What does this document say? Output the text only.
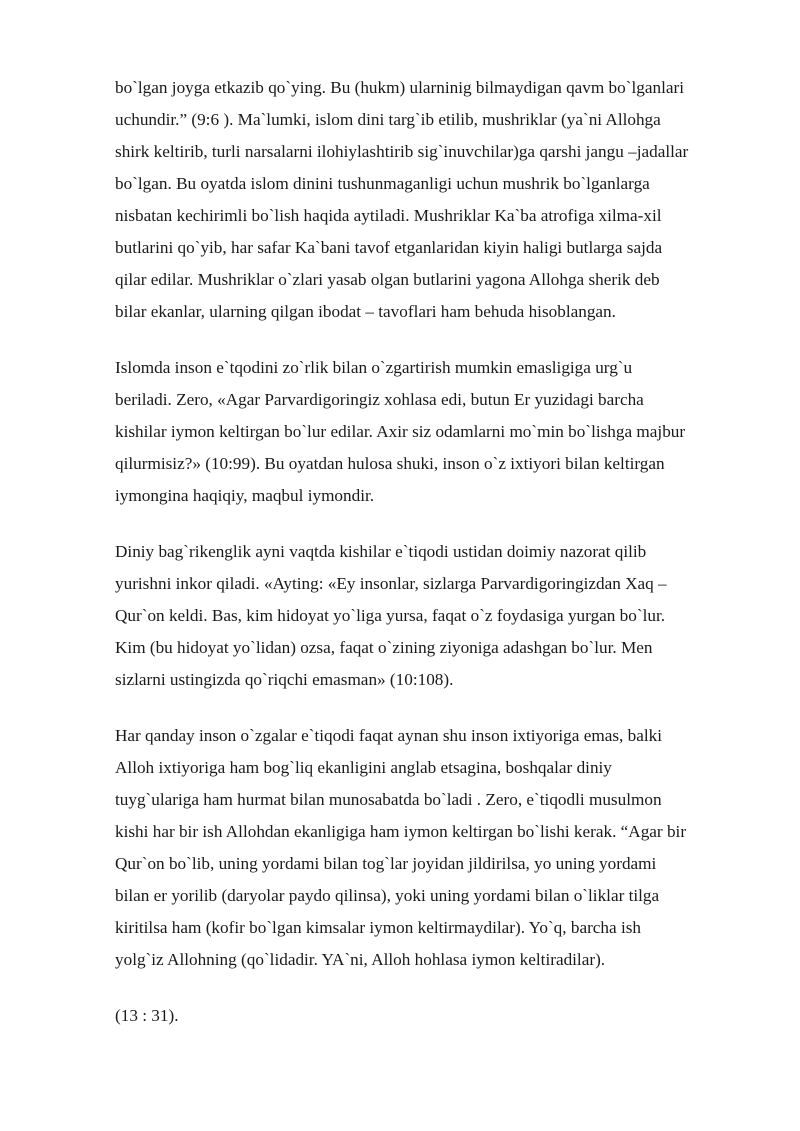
bo`lgan joyga etkazib qo`ying. Bu (hukm) ularninig bilmaydigan qavm bo`lganlari
uchundir.” (9:6 ). Ma`lumki, islom dini targ`ib etilib, mushriklar (ya`ni Allohga
shirk keltirib, turli narsalarni ilohiylashtirib sig`inuvchilar)ga qarshi jangu –jadallar
bo`lgan. Bu oyatda islom dinini tushunmaganligi uchun mushrik bo`lganlarga
nisbatan kechirimli bo`lish haqida aytiladi. Mushriklar Ka`ba atrofiga xilma-xil
butlarini qo`yib, har safar Ka`bani tavof etganlaridan kiyin haligi butlarga sajda
qilar edilar. Mushriklar o`zlari yasab olgan butlarini yagona Allohga sherik deb
bilar ekanlar, ularning qilgan ibodat – tavoflari ham behuda hisoblangan.

Islomda inson e`tqodini zo`rlik bilan o`zgartirish mumkin emasligiga urg`u
beriladi. Zero, «Agar Parvardigoringiz xohlasa edi, butun Er yuzidagi barcha
kishilar iymon keltirgan bo`lur edilar. Axir siz odamlarni mo`min bo`lishga majbur
qilurmisiz?» (10:99). Bu oyatdan hulosa shuki, inson o`z ixtiyori bilan keltirgan
iymongina haqiqiy, maqbul iymondir.

Diniy bag`rikenglik ayni vaqtda kishilar e`tiqodi ustidan doimiy nazorat qilib
yurishni inkor qiladi. «Ayting: «Ey insonlar, sizlarga Parvardigoringizdan Xaq –
Qur`on keldi. Bas, kim hidoyat yo`liga yursa, faqat o`z foydasiga yurgan bo`lur.
Kim (bu hidoyat yo`lidan) ozsa, faqat o`zining ziyoniga adashgan bo`lur. Men
sizlarni ustingizda qo`riqchi emasman» (10:108).

Har qanday inson o`zgalar e`tiqodi faqat aynan shu inson ixtiyoriga emas, balki
Alloh ixtiyoriga ham bog`liq ekanligini anglab etsagina, boshqalar diniy
tuyg`ulariga ham hurmat bilan munosabatda bo`ladi . Zero, e`tiqodli musulmon
kishi har bir ish Allohdan ekanligiga ham iymon keltirgan bo`lishi kerak. “Agar bir
Qur`on bo`lib, uning yordami bilan tog`lar joyidan jildirilsa, yo uning yordami
bilan er yorilib (daryolar paydo qilinsa), yoki uning yordami bilan o`liklar tilga
kiritilsa ham (kofir bo`lgan kimsalar iymon keltirmaydilar). Yo`q, barcha ish
yolg`iz Allohning (qo`lidadir. YA`ni, Alloh hohlasa iymon keltiradilar).

(13 : 31).
